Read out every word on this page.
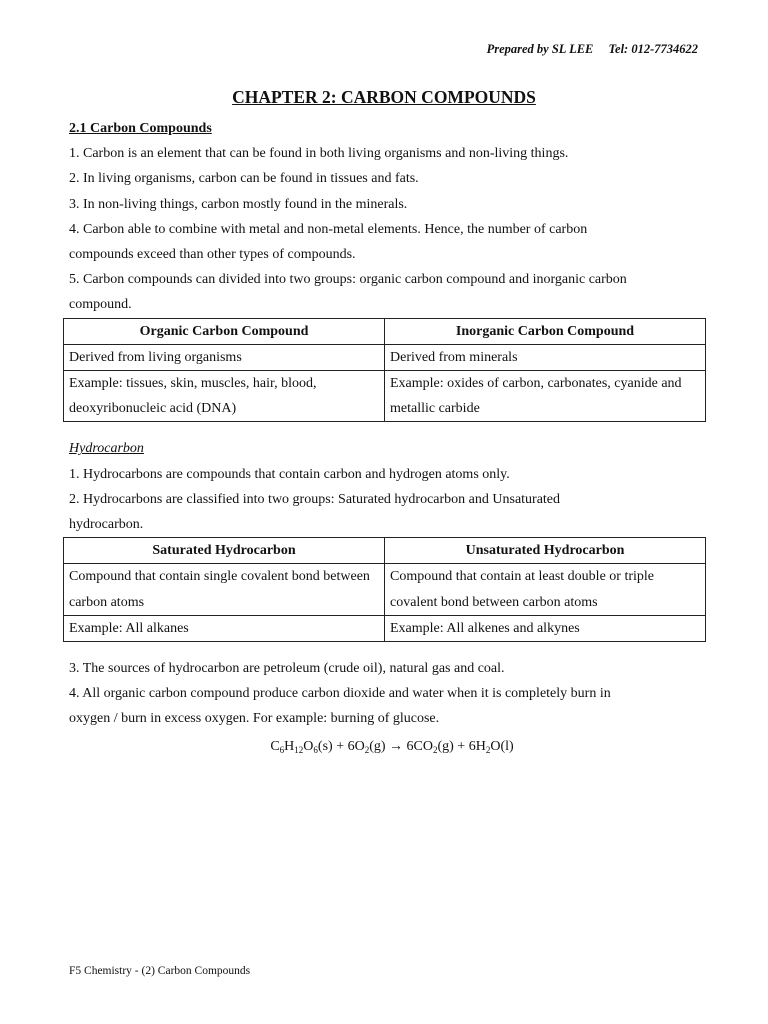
Prepared by SL LEE Tel: 012-7734622
CHAPTER 2: CARBON COMPOUNDS
2.1 Carbon Compounds
1. Carbon is an element that can be found in both living organisms and non-living things.
2. In living organisms, carbon can be found in tissues and fats.
3. In non-living things, carbon mostly found in the minerals.
4. Carbon able to combine with metal and non-metal elements. Hence, the number of carbon
compounds exceed than other types of compounds.
5. Carbon compounds can divided into two groups: organic carbon compound and inorganic carbon
compound.
Organic Carbon Compound	Inorganic Carbon Compound
Derived from living organisms	Derived from minerals
Example: tissues, skin, muscles, hair, blood, deoxyribonucleic acid (DNA)	Example: oxides of carbon, carbonates, cyanide and metallic carbide
Hydrocarbon
1. Hydrocarbons are compounds that contain carbon and hydrogen atoms only.
2. Hydrocarbons are classified into two groups: Saturated hydrocarbon and Unsaturated
hydrocarbon.
Saturated Hydrocarbon	Unsaturated Hydrocarbon
Compound that contain single covalent bond between carbon atoms	Compound that contain at least double or triple covalent bond between carbon atoms
Example: All alkanes	Example: All alkenes and alkynes
3. The sources of hydrocarbon are petroleum (crude oil), natural gas and coal.
4. All organic carbon compound produce carbon dioxide and water when it is completely burn in
oxygen / burn in excess oxygen. For example: burning of glucose.
$C_6H_{12}O_6(s) + 6O_2(g) \to 6CO_2(g) + 6H_2O(l)$
F5 Chemistry - (2) Carbon Compounds
